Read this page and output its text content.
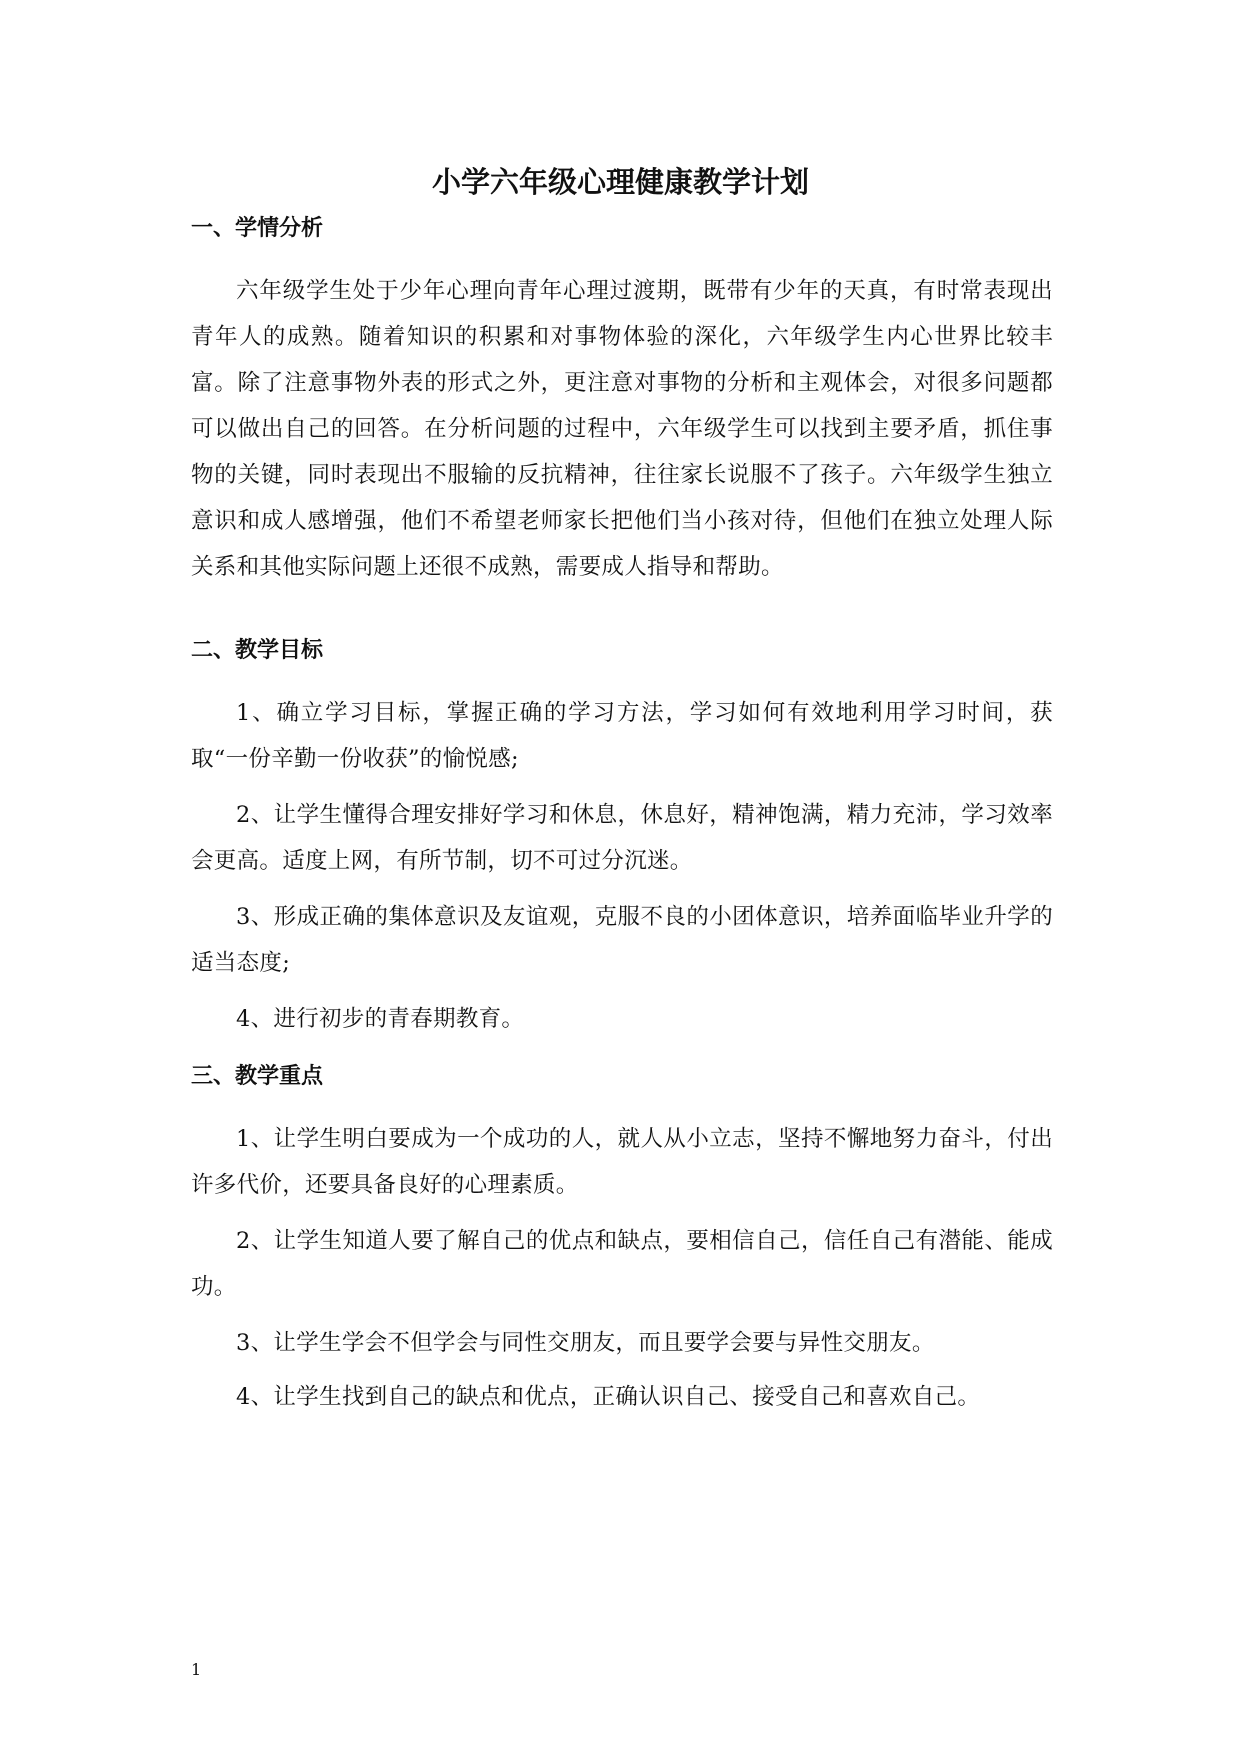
小学六年级心理健康教学计划
一、学情分析

六年级学生处于少年心理向青年心理过渡期，既带有少年的天真，有时常表现出青年人的成熟。随着知识的积累和对事物体验的深化，六年级学生内心世界比较丰富。除了注意事物外表的形式之外，更注意对事物的分析和主观体会，对很多问题都可以做出自己的回答。在分析问题的过程中，六年级学生可以找到主要矛盾，抓住事物的关键，同时表现出不服输的反抗精神，往往家长说服不了孩子。六年级学生独立意识和成人感增强，他们不希望老师家长把他们当小孩对待，但他们在独立处理人际关系和其他实际问题上还很不成熟，需要成人指导和帮助。

二、教学目标

1、确立学习目标，掌握正确的学习方法，学习如何有效地利用学习时间，获取“一份辛勤一份收获”的愉悦感;

2、让学生懂得合理安排好学习和休息，休息好，精神饱满，精力充沛，学习效率会更高。适度上网，有所节制，切不可过分沉迷。

3、形成正确的集体意识及友谊观，克服不良的小团体意识，培养面临毕业升学的适当态度;

4、进行初步的青春期教育。

三、教学重点

1、让学生明白要成为一个成功的人，就人从小立志，坚持不懈地努力奋斗，付出许多代价，还要具备良好的心理素质。

2、让学生知道人要了解自己的优点和缺点，要相信自己，信任自己有潜能、能成功。

3、让学生学会不但学会与同性交朋友，而且要学会要与异性交朋友。

4、让学生找到自己的缺点和优点，正确认识自己、接受自己和喜欢自己。

1
